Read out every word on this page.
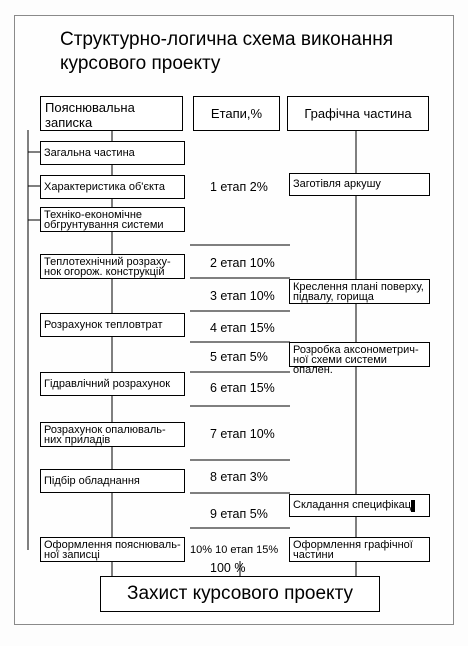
Структурно-логична схема виконання курсового проекту
Пояснювальна записка
Етапи,%	Графічна частина
Загальна частина
Характеристика об'єкта
Техніко-економічне обгрунтування системи
Теплотехнічний розраху-нок огорож. конструкцій
Розрахунок тепловтрат
Гідравлічний розрахунок
Розрахунок опалюваль-них приладів
Підбір обладнання
Оформлення пояснюваль-ної записці
1 етап 2%
2 етап 10%
3 етап 10%
4 етап 15%
5 етап 5%
6 етап 15%
7 етап 10%
8 етап 3%
9 етап 5%
10% 10 етап 15%
100 %
Заготівля аркушу
Креслення плані поверху, підвалу, горища
Розробка аксонометрич-ної схеми системи опален.
Складання специфікац
Оформлення графічної частини
Захист курсового проекту
